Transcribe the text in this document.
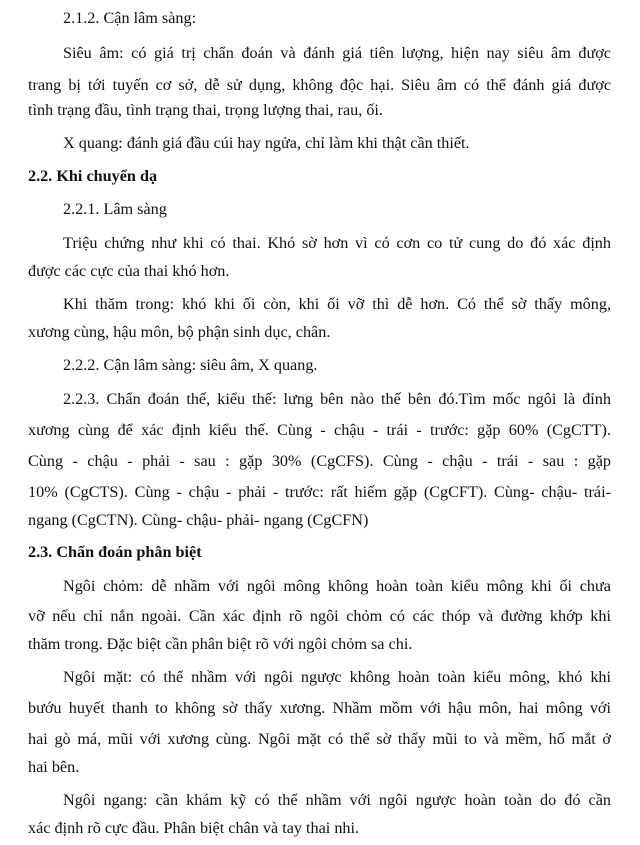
2.1.2. Cận lâm sàng:

Siêu âm: có giá trị chẩn đoán và đánh giá tiên lượng, hiện nay siêu âm được

trang bị tới tuyến cơ sở, dễ sử dụng, không độc hại. Siêu âm có thể đánh giá được

tình trạng đầu, tình trạng thai, trọng lượng thai, rau, ối.

X quang: đánh giá đầu cúi hay ngửa, chỉ làm khi thật cần thiết.

2.2. Khi chuyển dạ

2.2.1. Lâm sàng

Triệu chứng như khi có thai. Khó sờ hơn vì có cơn co tử cung do đó xác định

được các cực của thai khó hơn.

Khi thăm trong: khó khi ối còn, khi ối vỡ thì dễ hơn. Có thể sờ thấy mông,

xương cùng, hậu môn, bộ phận sinh dục, chân.

2.2.2. Cận lâm sàng: siêu âm, X quang.

2.2.3. Chẩn đoán thế, kiểu thế: lưng bên nào thế bên đó.Tìm mốc ngôi là đỉnh

xương cùng để xác định kiểu thế. Cùng - chậu - trái - trước: gặp 60% (CgCTT).

Cùng - chậu - phải - sau : gặp 30% (CgCFS). Cùng - chậu - trái - sau : gặp

10% (CgCTS). Cùng - chậu - phải - trước: rất hiếm gặp (CgCFT). Cùng- chậu- trái-

ngang (CgCTN). Cùng- chậu- phải- ngang (CgCFN)

2.3. Chẩn đoán phân biệt

Ngôi chỏm: dễ nhầm với ngôi mông không hoàn toàn kiểu mông khi ối chưa

vỡ nếu chỉ nắn ngoài. Cần xác định rõ ngôi chỏm có các thóp và đường khớp khi

thăm trong. Đặc biệt cần phân biệt rõ với ngôi chỏm sa chi.

Ngôi mặt: có thể nhầm với ngôi ngược không hoàn toàn kiểu mông, khó khi

bướu huyết thanh to không sờ thấy xương. Nhầm mồm với hậu môn, hai mông với

hai gò má, mũi với xương cùng. Ngôi mặt có thể sờ thấy mũi to và mềm, hố mắt ở

hai bên.

Ngôi ngang: cần khám kỹ có thể nhầm với ngôi ngược hoàn toàn do đó cần

xác định rõ cực đầu. Phân biệt chân và tay thai nhi.
